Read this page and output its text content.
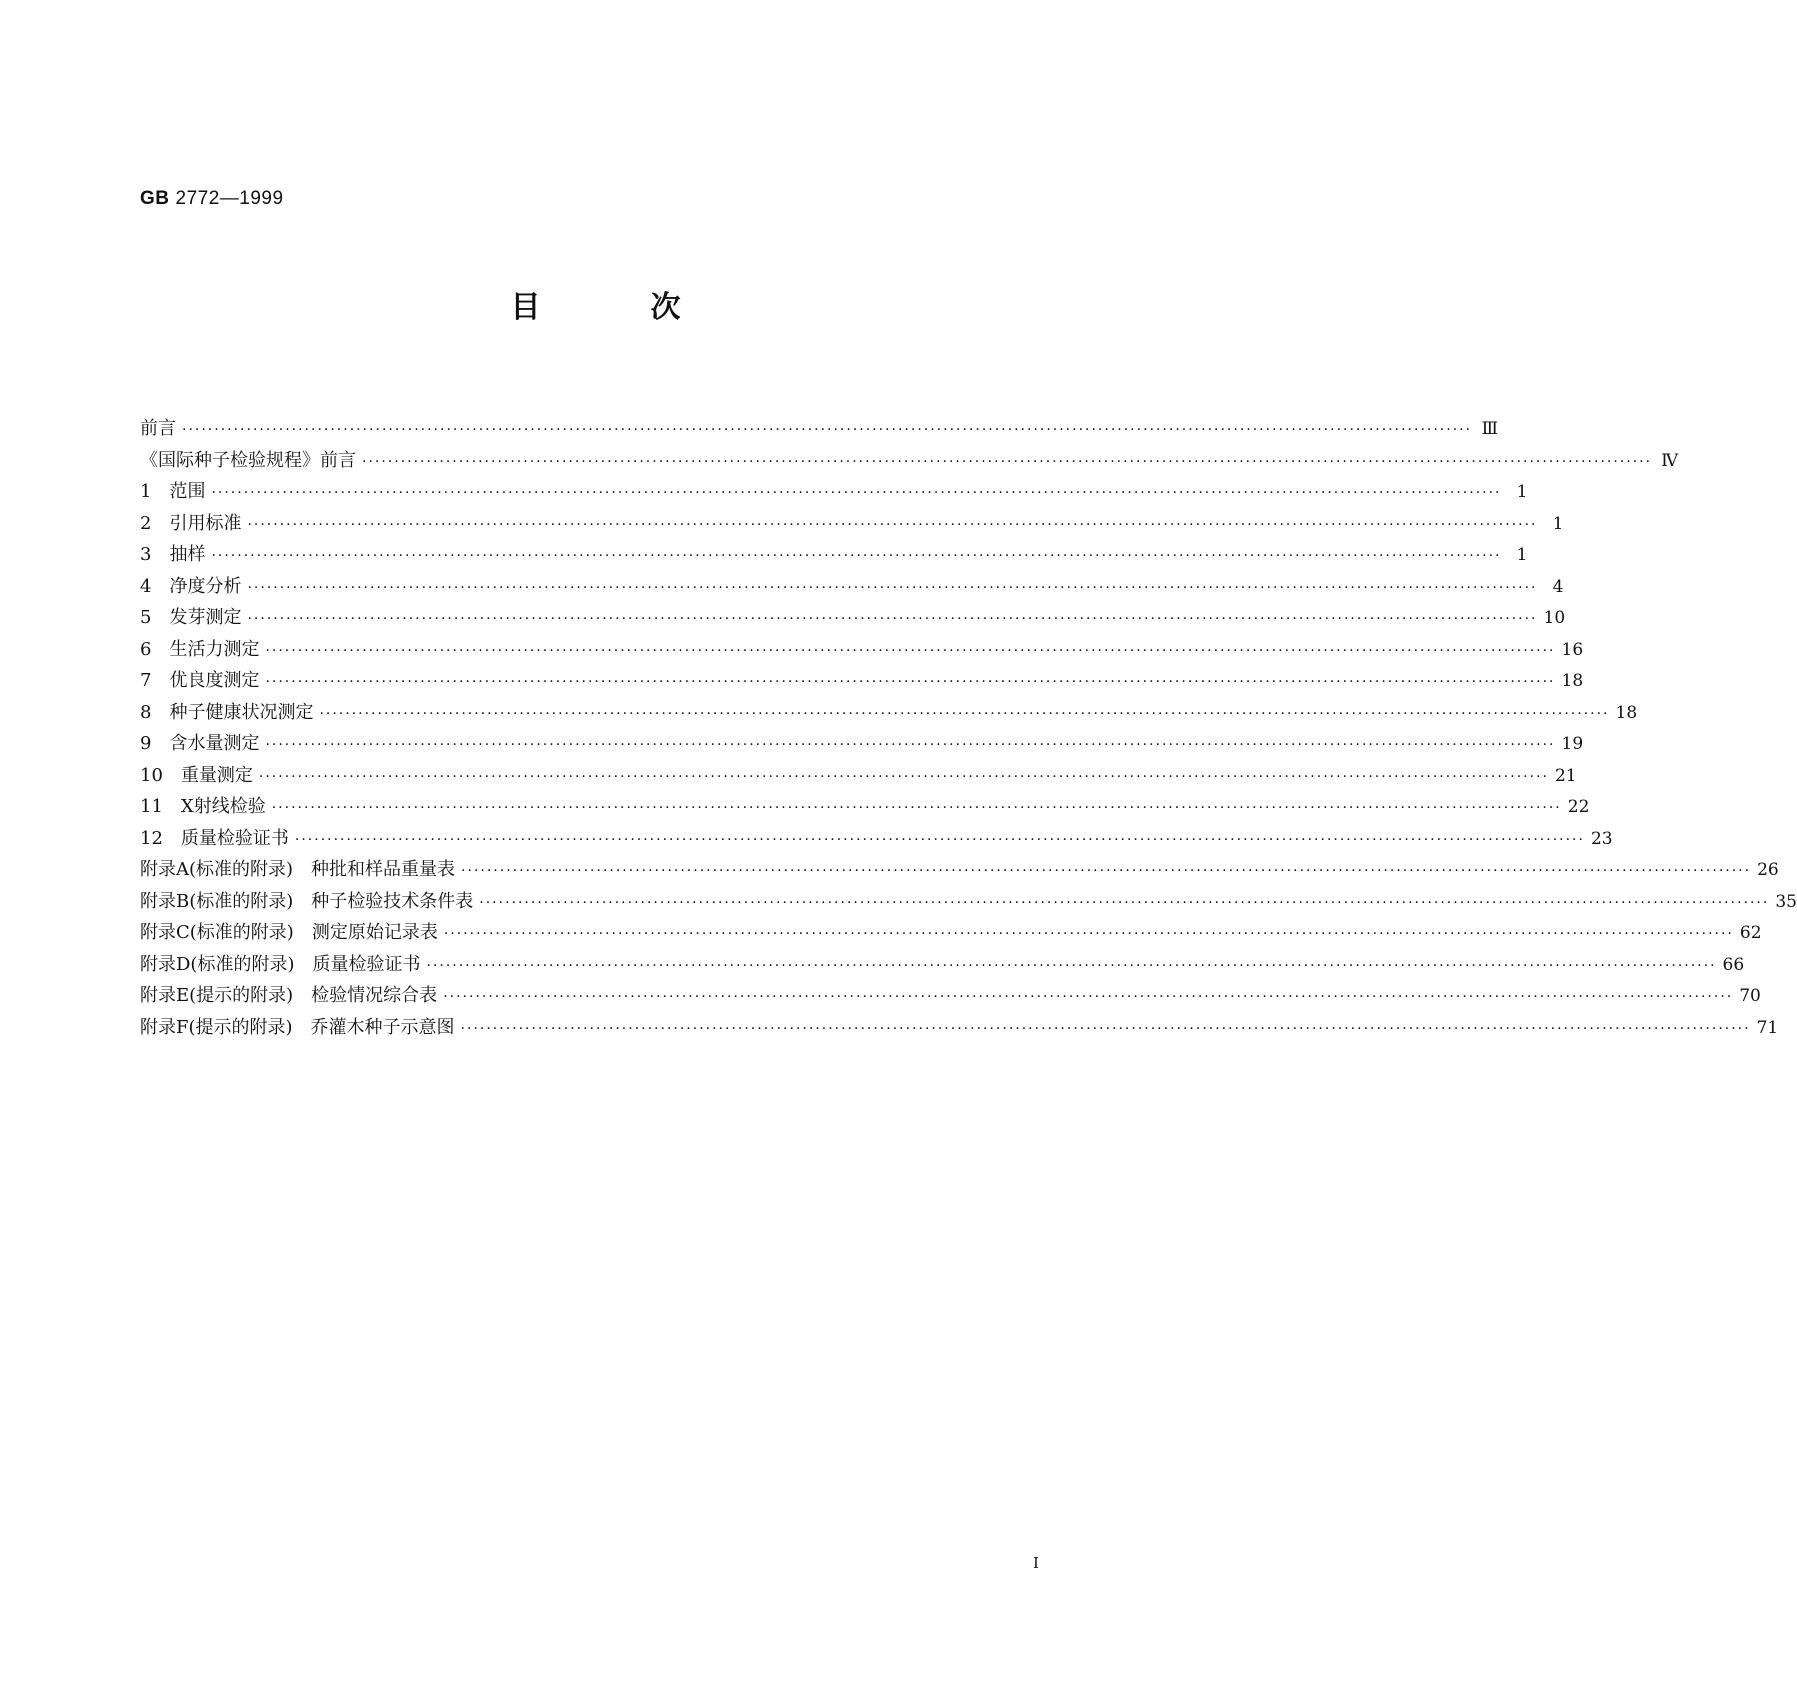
GB 2772—1999
目次
前言 ········································································································································································································ Ⅲ
《国际种子检验规程》前言 ········································································································································································································ Ⅳ
1　范围 ········································································································································································································ 1
2　引用标准 ········································································································································································································ 1
3　抽样 ········································································································································································································ 1
4　净度分析 ········································································································································································································ 4
5　发芽测定 ········································································································································································································ 10
6　生活力测定 ········································································································································································································ 16
7　优良度测定 ········································································································································································································ 18
8　种子健康状况测定 ········································································································································································································ 18
9　含水量测定 ········································································································································································································ 19
10　重量测定 ········································································································································································································ 21
11　X射线检验 ········································································································································································································ 22
12　质量检验证书 ········································································································································································································ 23
附录A(标准的附录)　种批和样品重量表 ········································································································································································································ 26
附录B(标准的附录)　种子检验技术条件表 ········································································································································································································ 35
附录C(标准的附录)　测定原始记录表 ········································································································································································································ 62
附录D(标准的附录)　质量检验证书 ········································································································································································································ 66
附录E(提示的附录)　检验情况综合表 ········································································································································································································ 70
附录F(提示的附录)　乔灌木种子示意图 ········································································································································································································ 71
Ⅰ
